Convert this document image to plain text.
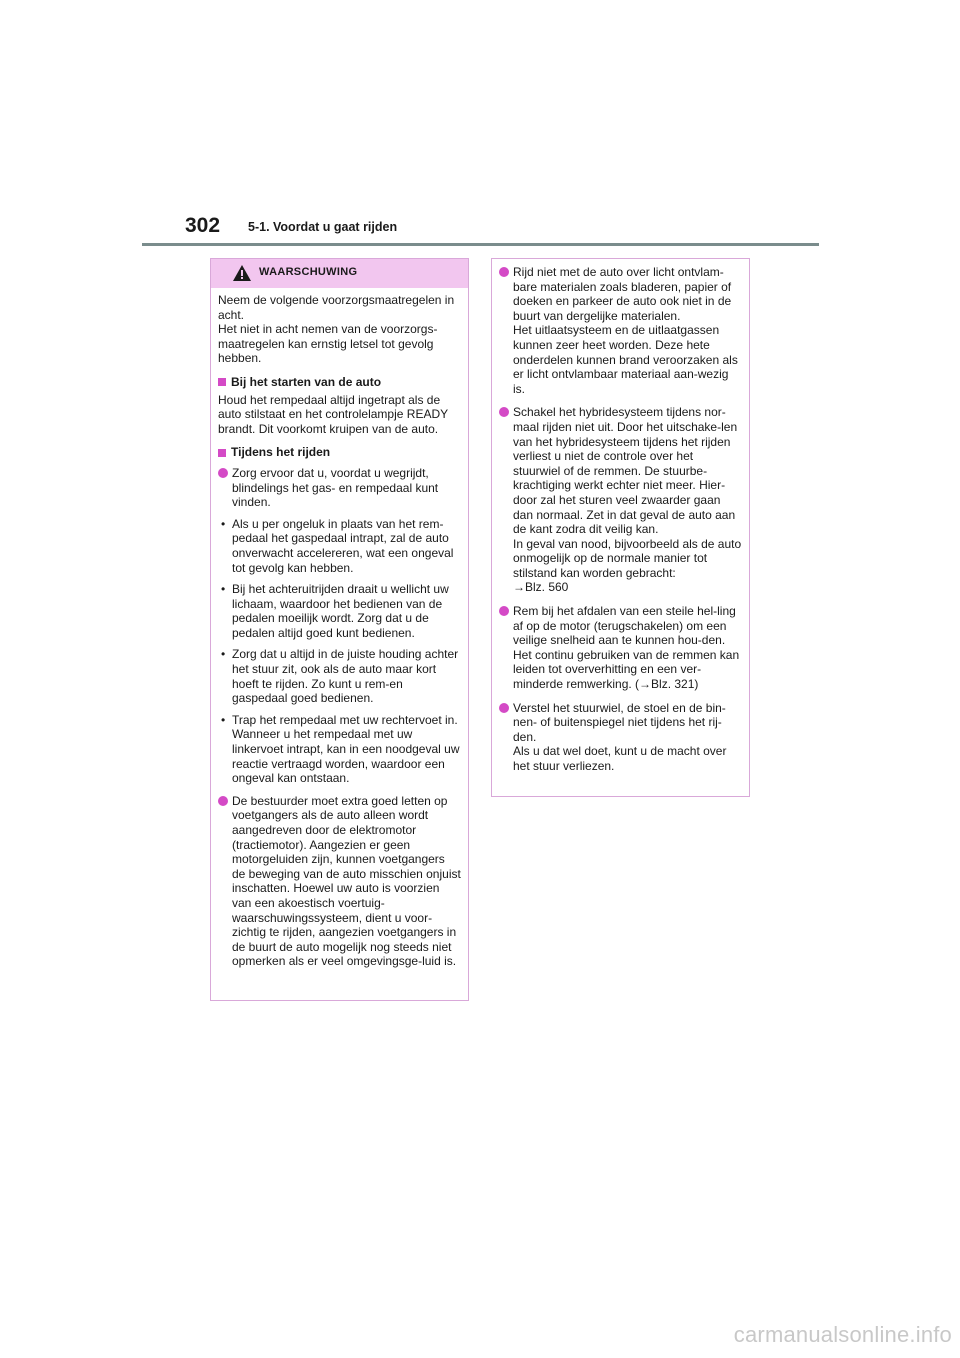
302 5-1. Voordat u gaat rijden
WAARSCHUWING

Neem de volgende voorzorgsmaatregelen in acht.
Het niet in acht nemen van de voorzorgs-maatregelen kan ernstig letsel tot gevolg hebben.

Bij het starten van de auto

Houd het rempedaal altijd ingetrapt als de auto stilstaat en het controlelampje READY brandt. Dit voorkomt kruipen van de auto.

Tijdens het rijden
Zorg ervoor dat u, voordat u wegrijdt, blindelings het gas- en rempedaal kunt vinden.
• Als u per ongeluk in plaats van het rem-pedaal het gaspedaal intrapt, zal de auto onverwacht accelereren, wat een ongeval tot gevolg kan hebben.
• Bij het achteruitrijden draait u wellicht uw lichaam, waardoor het bedienen van de pedalen moeilijk wordt. Zorg dat u de pedalen altijd goed kunt bedienen.
• Zorg dat u altijd in de juiste houding achter het stuur zit, ook als de auto maar kort hoeft te rijden. Zo kunt u rem-en gaspedaal goed bedienen.
• Trap het rempedaal met uw rechtervoet in. Wanneer u het rempedaal met uw linkervoet intrapt, kan in een noodgeval uw reactie vertraagd worden, waardoor een ongeval kan ontstaan.
De bestuurder moet extra goed letten op voetgangers als de auto alleen wordt aangedreven door de elektromotor (tractiemotor). Aangezien er geen motorgeluiden zijn, kunnen voetgangers de beweging van de auto misschien onjuist inschatten. Hoewel uw auto is voorzien van een akoestisch voertuig-waarschuwingssysteem, dient u voor-zichtig te rijden, aangezien voetgangers in de buurt de auto mogelijk nog steeds niet opmerken als er veel omgevingsge-luid is.
Rijd niet met de auto over licht ontvlam-bare materialen zoals bladeren, papier of doeken en parkeer de auto ook niet in de buurt van dergelijke materialen.
Het uitlaatsysteem en de uitlaatgassen kunnen zeer heet worden. Deze hete onderdelen kunnen brand veroorzaken als er licht ontvlambaar materiaal aan-wezig is.
Schakel het hybridesysteem tijdens nor-maal rijden niet uit. Door het uitschake-len van het hybridesysteem tijdens het rijden verliest u niet de controle over het stuurwiel of de remmen. De stuurbe-krachtiging werkt echter niet meer. Hier-door zal het sturen veel zwaarder gaan dan normaal. Zet in dat geval de auto aan de kant zodra dit veilig kan.
In geval van nood, bijvoorbeeld als de auto onmogelijk op de normale manier tot stilstand kan worden gebracht:
→Blz. 560
Rem bij het afdalen van een steile hel-ling af op de motor (terugschakelen) om een veilige snelheid aan te kunnen hou-den.
Het continu gebruiken van de remmen kan leiden tot oververhitting en een ver-minderde remwerking. (→Blz. 321)
Verstel het stuurwiel, de stoel en de bin-nen- of buitenspiegel niet tijdens het rij-den.
Als u dat wel doet, kunt u de macht over het stuur verliezen.
carmanualsonline.info
